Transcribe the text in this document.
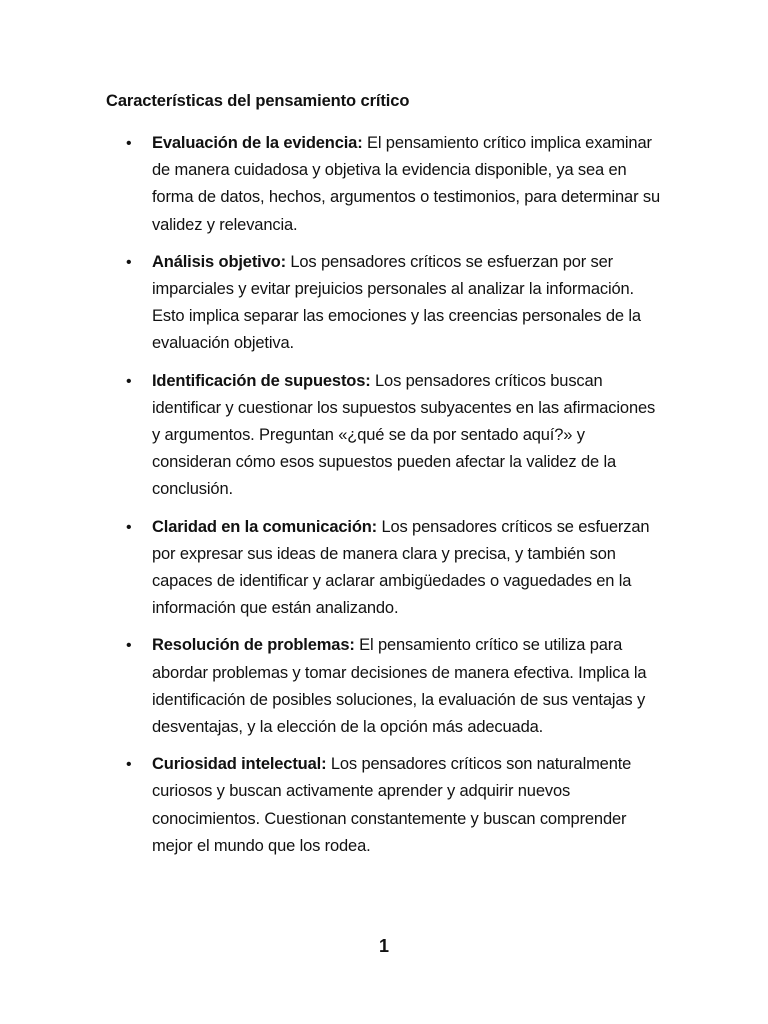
Características del pensamiento crítico
• Evaluación de la evidencia: El pensamiento crítico implica examinar de manera cuidadosa y objetiva la evidencia disponible, ya sea en forma de datos, hechos, argumentos o testimonios, para determinar su validez y relevancia.
• Análisis objetivo: Los pensadores críticos se esfuerzan por ser imparciales y evitar prejuicios personales al analizar la información. Esto implica separar las emociones y las creencias personales de la evaluación objetiva.
• Identificación de supuestos: Los pensadores críticos buscan identificar y cuestionar los supuestos subyacentes en las afirmaciones y argumentos. Preguntan «¿qué se da por sentado aquí?» y consideran cómo esos supuestos pueden afectar la validez de la conclusión.
• Claridad en la comunicación: Los pensadores críticos se esfuerzan por expresar sus ideas de manera clara y precisa, y también son capaces de identificar y aclarar ambigüedades o vaguedades en la información que están analizando.
• Resolución de problemas: El pensamiento crítico se utiliza para abordar problemas y tomar decisiones de manera efectiva. Implica la identificación de posibles soluciones, la evaluación de sus ventajas y desventajas, y la elección de la opción más adecuada.
• Curiosidad intelectual: Los pensadores críticos son naturalmente curiosos y buscan activamente aprender y adquirir nuevos conocimientos. Cuestionan constantemente y buscan comprender mejor el mundo que los rodea.
1
